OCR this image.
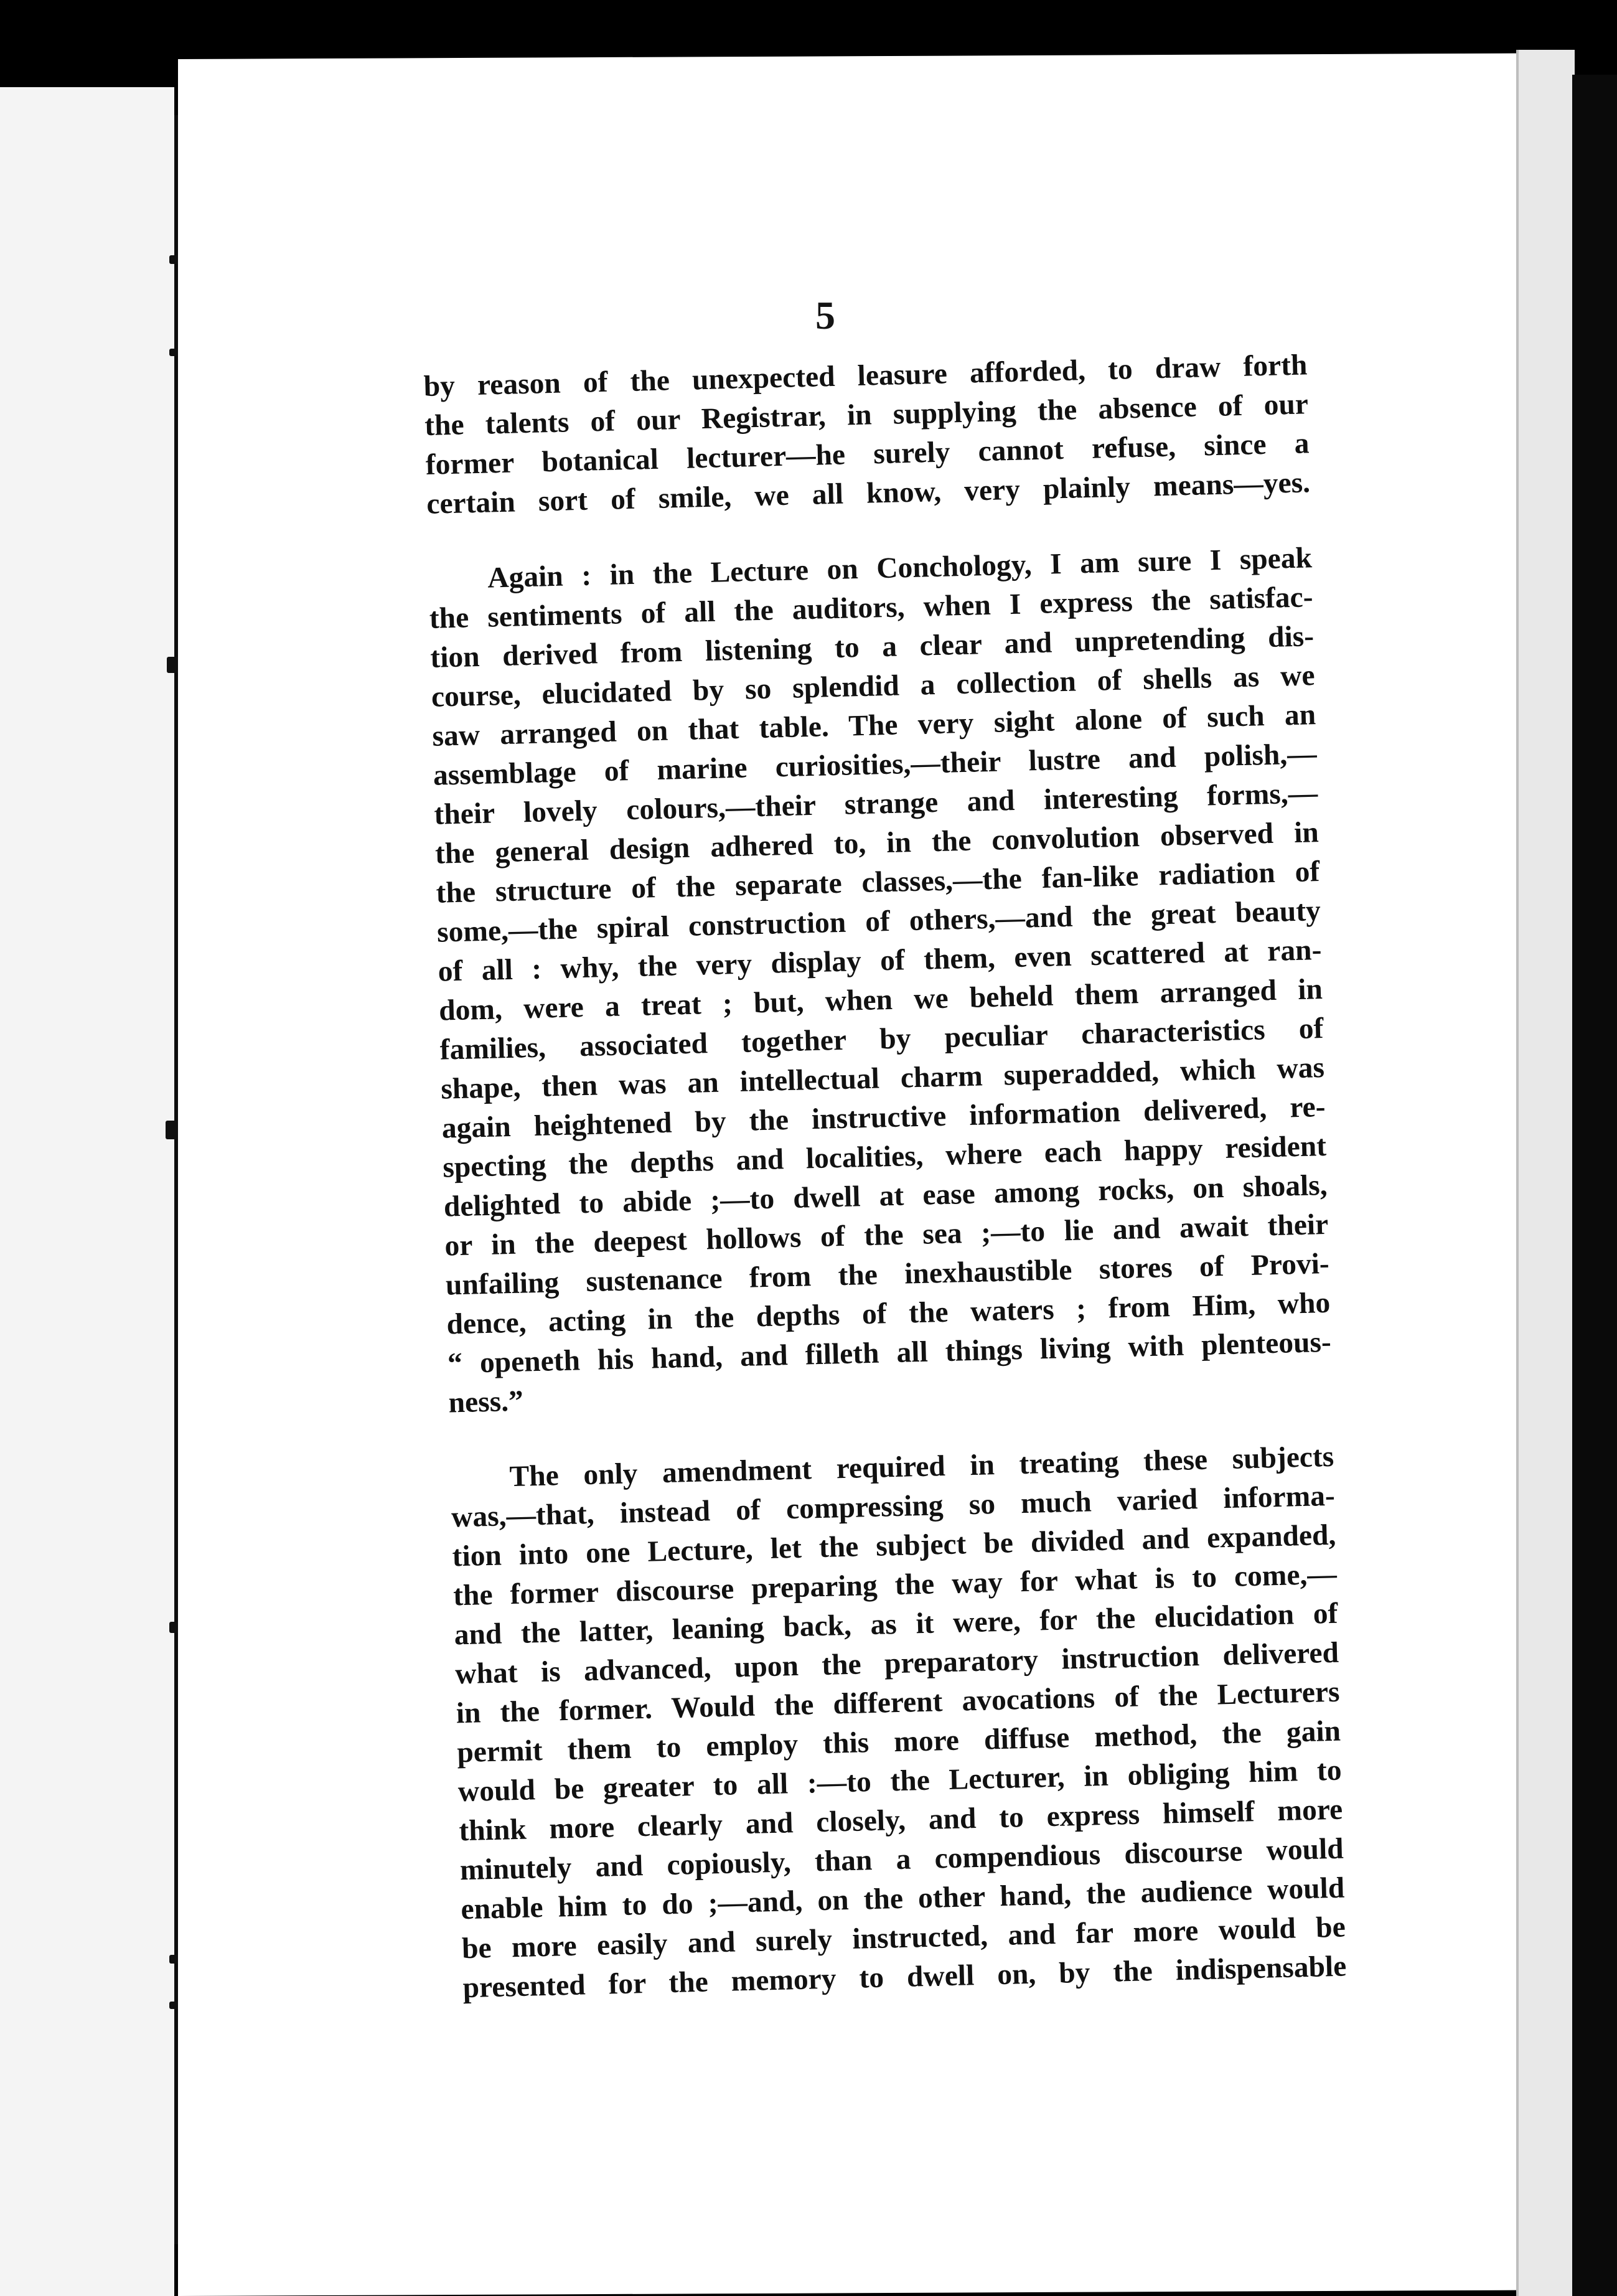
5
by reason of the unexpected leasure afforded, to draw forth
the talents of our Registrar, in supplying the absence of our
former botanical lecturer—he surely cannot refuse, since a
certain sort of smile, we all know, very plainly means—yes.
Again : in the Lecture on Conchology, I am sure I speak
the sentiments of all the auditors, when I express the satisfac-
tion derived from listening to a clear and unpretending dis-
course, elucidated by so splendid a collection of shells as we
saw arranged on that table. The very sight alone of such an
assemblage of marine curiosities,—their lustre and polish,—
their lovely colours,—their strange and interesting forms,—
the general design adhered to, in the convolution observed in
the structure of the separate classes,—the fan-like radiation of
some,—the spiral construction of others,—and the great beauty
of all : why, the very display of them, even scattered at ran-
dom, were a treat ; but, when we beheld them arranged in
families, associated together by peculiar characteristics of
shape, then was an intellectual charm superadded, which was
again heightened by the instructive information delivered, re-
specting the depths and localities, where each happy resident
delighted to abide ;—to dwell at ease among rocks, on shoals,
or in the deepest hollows of the sea ;—to lie and await their
unfailing sustenance from the inexhaustible stores of Provi-
dence, acting in the depths of the waters ; from Him, who
“ openeth his hand, and filleth all things living with plenteous-
ness.”
The only amendment required in treating these subjects
was,—that, instead of compressing so much varied informa-
tion into one Lecture, let the subject be divided and expanded,
the former discourse preparing the way for what is to come,—
and the latter, leaning back, as it were, for the elucidation of
what is advanced, upon the preparatory instruction delivered
in the former. Would the different avocations of the Lecturers
permit them to employ this more diffuse method, the gain
would be greater to all :—to the Lecturer, in obliging him to
think more clearly and closely, and to express himself more
minutely and copiously, than a compendious discourse would
enable him to do ;—and, on the other hand, the audience would
be more easily and surely instructed, and far more would be
presented for the memory to dwell on, by the indispensable
